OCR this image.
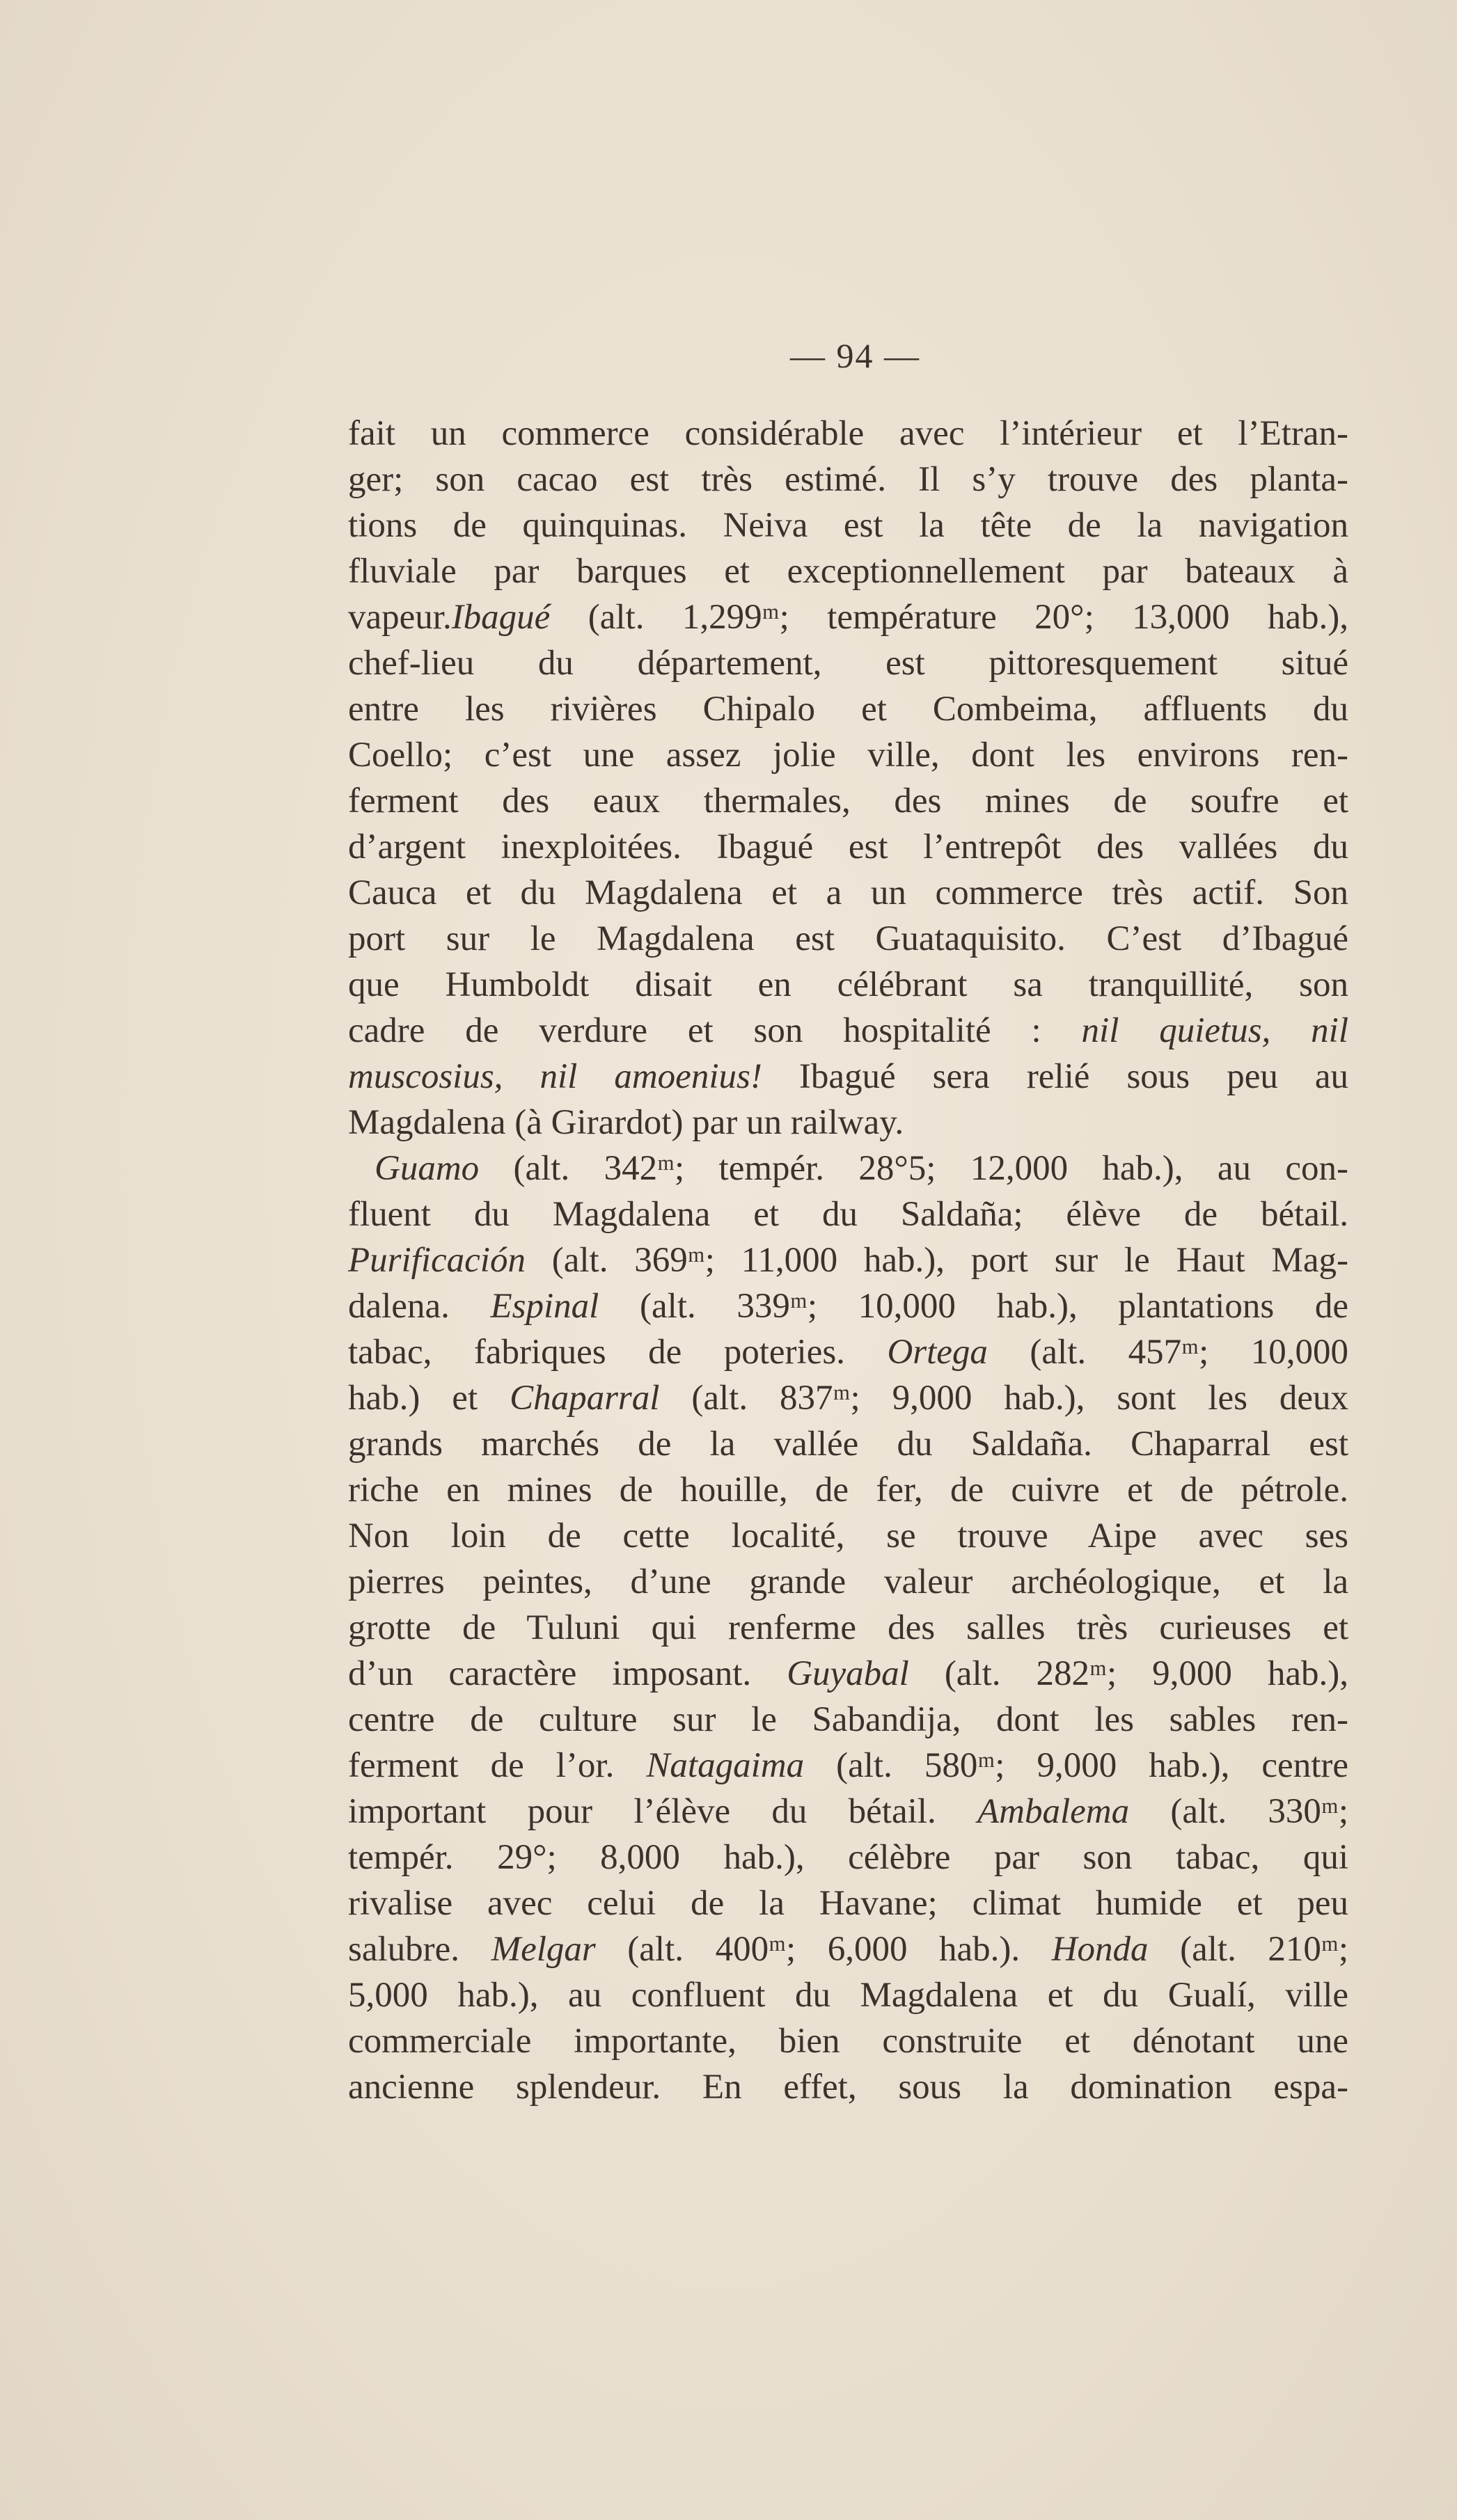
— 94 —
fait un commerce considérable avec l’intérieur et l’Etran-
ger; son cacao est très estimé. Il s’y trouve des planta-
tions de quinquinas. Neiva est la tête de la navigation
fluviale par barques et exceptionnellement par bateaux à
vapeur.Ibagué (alt. 1,299ᵐ; température 20°; 13,000 hab.),
chef-lieu du département, est pittoresquement situé
entre les rivières Chipalo et Combeima, affluents du
Coello; c’est une assez jolie ville, dont les environs ren-
ferment des eaux thermales, des mines de soufre et
d’argent inexploitées. Ibagué est l’entrepôt des vallées du
Cauca et du Magdalena et a un commerce très actif. Son
port sur le Magdalena est Guataquisito. C’est d’Ibagué
que Humboldt disait en célébrant sa tranquillité, son
cadre de verdure et son hospitalité : nil quietus, nil
muscosius, nil amoenius! Ibagué sera relié sous peu au
Magdalena (à Girardot) par un railway.
Guamo (alt. 342ᵐ; tempér. 28°5; 12,000 hab.), au con-
fluent du Magdalena et du Saldaña; élève de bétail.
Purificación (alt. 369ᵐ; 11,000 hab.), port sur le Haut Mag-
dalena. Espinal (alt. 339ᵐ; 10,000 hab.), plantations de
tabac, fabriques de poteries. Ortega (alt. 457ᵐ; 10,000
hab.) et Chaparral (alt. 837ᵐ; 9,000 hab.), sont les deux
grands marchés de la vallée du Saldaña. Chaparral est
riche en mines de houille, de fer, de cuivre et de pétrole.
Non loin de cette localité, se trouve Aipe avec ses
pierres peintes, d’une grande valeur archéologique, et la
grotte de Tuluni qui renferme des salles très curieuses et
d’un caractère imposant. Guyabal (alt. 282ᵐ; 9,000 hab.),
centre de culture sur le Sabandija, dont les sables ren-
ferment de l’or. Natagaima (alt. 580ᵐ; 9,000 hab.), centre
important pour l’élève du bétail. Ambalema (alt. 330ᵐ;
tempér. 29°; 8,000 hab.), célèbre par son tabac, qui
rivalise avec celui de la Havane; climat humide et peu
salubre. Melgar (alt. 400ᵐ; 6,000 hab.). Honda (alt. 210ᵐ;
5,000 hab.), au confluent du Magdalena et du Gualí, ville
commerciale importante, bien construite et dénotant une
ancienne splendeur. En effet, sous la domination espa-
